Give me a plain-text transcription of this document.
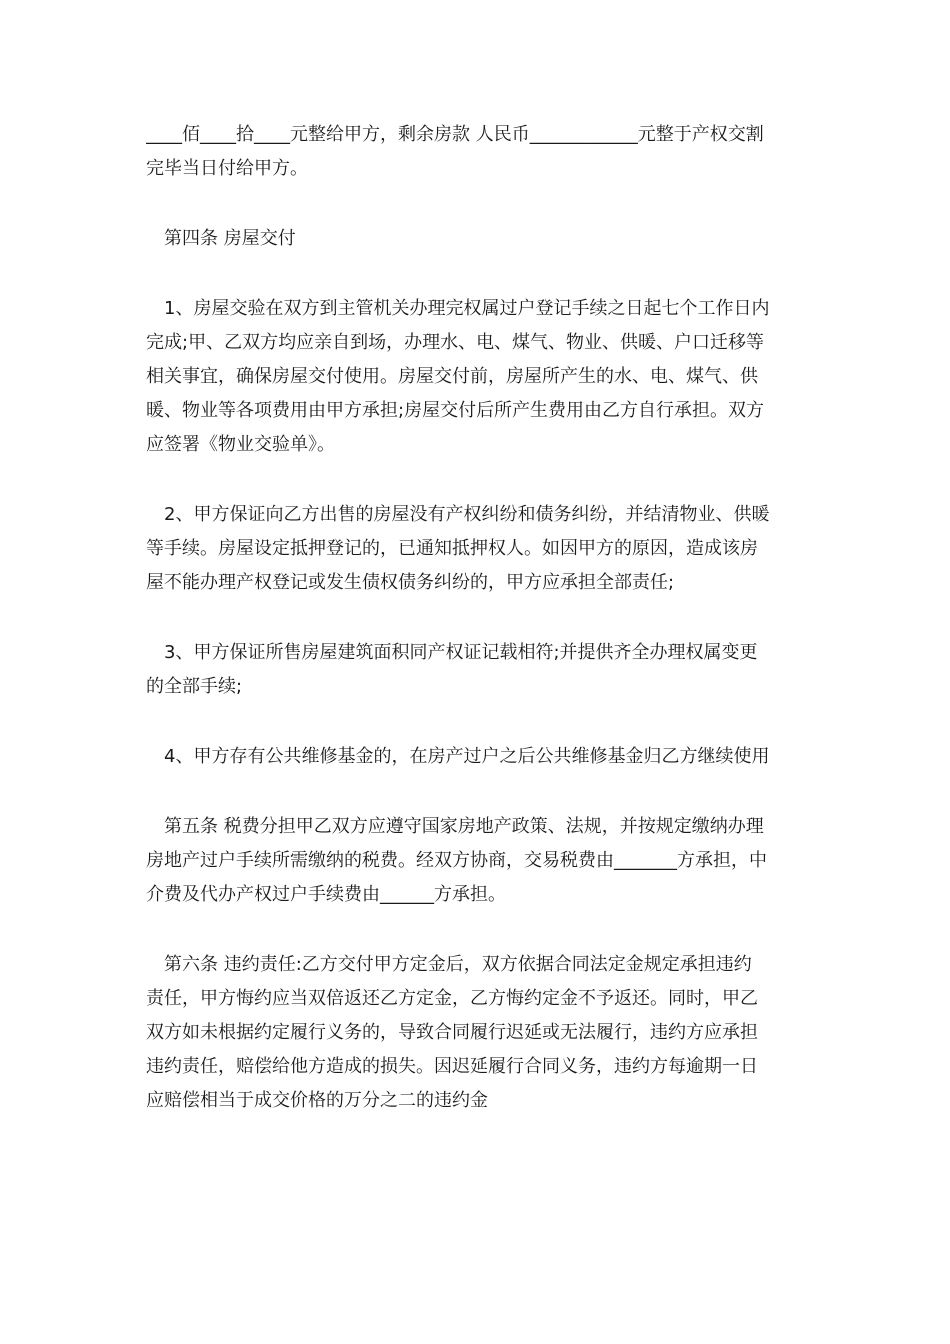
____佰____拾____元整给甲方，剩余房款 人民币____________元整于产权交割
完毕当日付给甲方。
第四条 房屋交付
1、房屋交验在双方到主管机关办理完权属过户登记手续之日起七个工作日内
完成;甲、乙双方均应亲自到场，办理水、电、煤气、物业、供暖、户口迁移等
相关事宜，确保房屋交付使用。房屋交付前，房屋所产生的水、电、煤气、供
暖、物业等各项费用由甲方承担;房屋交付后所产生费用由乙方自行承担。双方
应签署《物业交验单》。
2、甲方保证向乙方出售的房屋没有产权纠纷和债务纠纷，并结清物业、供暖
等手续。房屋设定抵押登记的，已通知抵押权人。如因甲方的原因，造成该房
屋不能办理产权登记或发生债权债务纠纷的，甲方应承担全部责任;
3、甲方保证所售房屋建筑面积同产权证记载相符;并提供齐全办理权属变更
的全部手续;
4、甲方存有公共维修基金的，在房产过户之后公共维修基金归乙方继续使用
第五条 税费分担甲乙双方应遵守国家房地产政策、法规，并按规定缴纳办理
房地产过户手续所需缴纳的税费。经双方协商，交易税费由_______方承担，中
介费及代办产权过户手续费由______方承担。
第六条 违约责任:乙方交付甲方定金后，双方依据合同法定金规定承担违约
责任，甲方悔约应当双倍返还乙方定金，乙方悔约定金不予返还。同时，甲乙
双方如未根据约定履行义务的，导致合同履行迟延或无法履行，违约方应承担
违约责任，赔偿给他方造成的损失。因迟延履行合同义务，违约方每逾期一日
应赔偿相当于成交价格的万分之二的违约金
